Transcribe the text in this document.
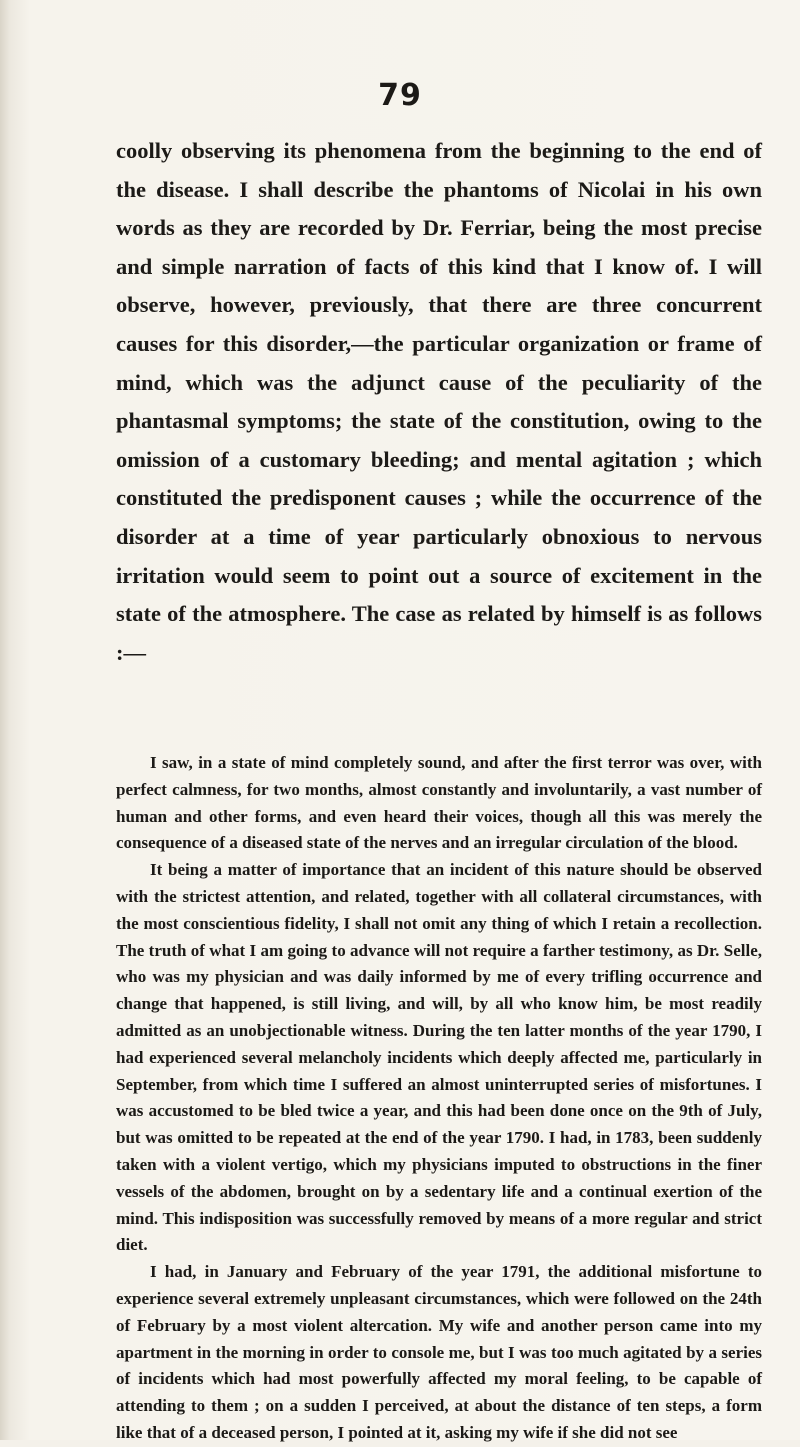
79

coolly observing its phenomena from the beginning to the end of the disease. I shall describe the phantoms of Nicolai in his own words as they are recorded by Dr. Ferriar, being the most precise and simple narration of facts of this kind that I know of. I will observe, however, previously, that there are three concurrent causes for this disorder,—the particular organization or frame of mind, which was the adjunct cause of the peculiarity of the phantasmal symptoms; the state of the constitution, owing to the omission of a customary bleeding; and mental agitation ; which constituted the predisponent causes ; while the occurrence of the disorder at a time of year particularly obnoxious to nervous irritation would seem to point out a source of excitement in the state of the atmosphere. The case as related by himself is as follows :—

I saw, in a state of mind completely sound, and after the first terror was over, with perfect calmness, for two months, almost constantly and involuntarily, a vast number of human and other forms, and even heard their voices, though all this was merely the consequence of a diseased state of the nerves and an irregular circulation of the blood.

It being a matter of importance that an incident of this nature should be observed with the strictest attention, and related, together with all collateral circumstances, with the most conscientious fidelity, I shall not omit any thing of which I retain a recollection. The truth of what I am going to advance will not require a farther testimony, as Dr. Selle, who was my physician and was daily informed by me of every trifling occurrence and change that happened, is still living, and will, by all who know him, be most readily admitted as an unobjectionable witness. During the ten latter months of the year 1790, I had experienced several melancholy incidents which deeply affected me, particularly in September, from which time I suffered an almost uninterrupted series of misfortunes. I was accustomed to be bled twice a year, and this had been done once on the 9th of July, but was omitted to be repeated at the end of the year 1790. I had, in 1783, been suddenly taken with a violent vertigo, which my physicians imputed to obstructions in the finer vessels of the abdomen, brought on by a sedentary life and a continual exertion of the mind. This indisposition was successfully removed by means of a more regular and strict diet.

I had, in January and February of the year 1791, the additional misfortune to experience several extremely unpleasant circumstances, which were followed on the 24th of February by a most violent altercation. My wife and another person came into my apartment in the morning in order to console me, but I was too much agitated by a series of incidents which had most powerfully affected my moral feeling, to be capable of attending to them ; on a sudden I perceived, at about the distance of ten steps, a form like that of a deceased person, I pointed at it, asking my wife if she did not see
